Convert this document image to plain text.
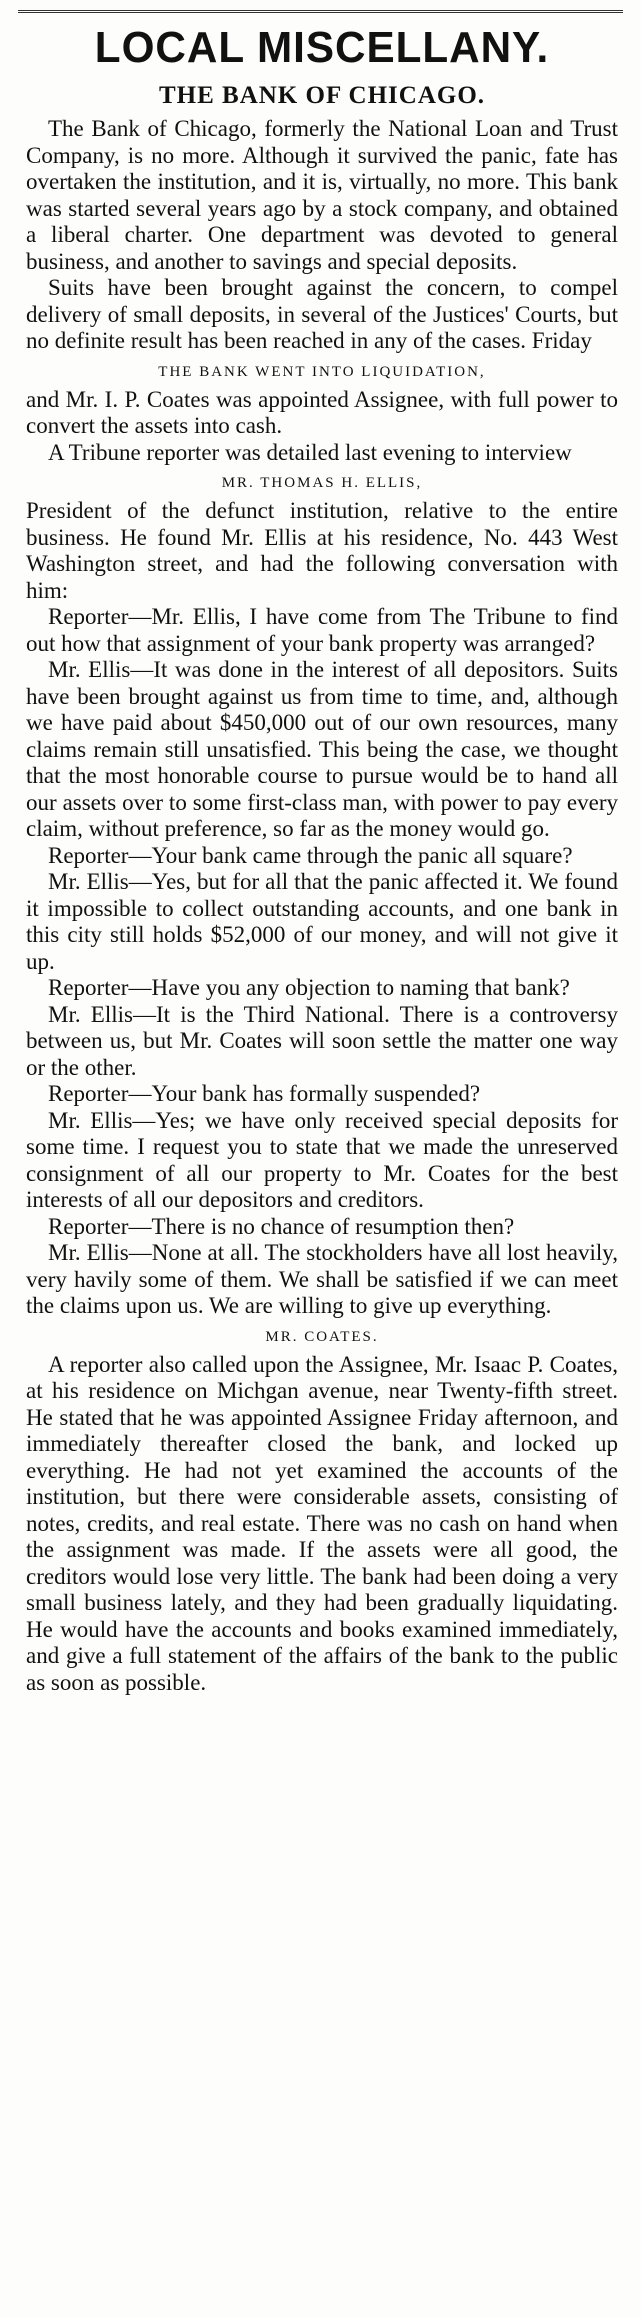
LOCAL MISCELLANY.
THE BANK OF CHICAGO.

The Bank of Chicago, formerly the National Loan and Trust Company, is no more. Although it survived the panic, fate has overtaken the institution, and it is, virtually, no more. This bank was started several years ago by a stock company, and obtained a liberal charter. One department was devoted to general business, and another to savings and special deposits.

Suits have been brought against the concern, to compel delivery of small deposits, in several of the Justices' Courts, but no definite result has been reached in any of the cases. Friday

THE BANK WENT INTO LIQUIDATION,

and Mr. I. P. Coates was appointed Assignee, with full power to convert the assets into cash.

A Tribune reporter was detailed last evening to interview

MR. THOMAS H. ELLIS,

President of the defunct institution, relative to the entire business. He found Mr. Ellis at his residence, No. 443 West Washington street, and had the following conversation with him:

Reporter—Mr. Ellis, I have come from The Tribune to find out how that assignment of your bank property was arranged?

Mr. Ellis—It was done in the interest of all depositors. Suits have been brought against us from time to time, and, although we have paid about $450,000 out of our own resources, many claims remain still unsatisfied. This being the case, we thought that the most honorable course to pursue would be to hand all our assets over to some first-class man, with power to pay every claim, without preference, so far as the money would go.

Reporter—Your bank came through the panic all square?

Mr. Ellis—Yes, but for all that the panic affected it. We found it impossible to collect outstanding accounts, and one bank in this city still holds $52,000 of our money, and will not give it up.

Reporter—Have you any objection to naming that bank?

Mr. Ellis—It is the Third National. There is a controversy between us, but Mr. Coates will soon settle the matter one way or the other.

Reporter—Your bank has formally suspended?

Mr. Ellis—Yes; we have only received special deposits for some time. I request you to state that we made the unreserved consignment of all our property to Mr. Coates for the best interests of all our depositors and creditors.

Reporter—There is no chance of resumption then?

Mr. Ellis—None at all. The stockholders have all lost heavily, very havily some of them. We shall be satisfied if we can meet the claims upon us. We are willing to give up everything.

MR. COATES.

A reporter also called upon the Assignee, Mr. Isaac P. Coates, at his residence on Michgan avenue, near Twenty-fifth street. He stated that he was appointed Assignee Friday afternoon, and immediately thereafter closed the bank, and locked up everything. He had not yet examined the accounts of the institution, but there were considerable assets, consisting of notes, credits, and real estate. There was no cash on hand when the assignment was made. If the assets were all good, the creditors would lose very little. The bank had been doing a very small business lately, and they had been gradually liquidating. He would have the accounts and books examined immediately, and give a full statement of the affairs of the bank to the public as soon as possible.
